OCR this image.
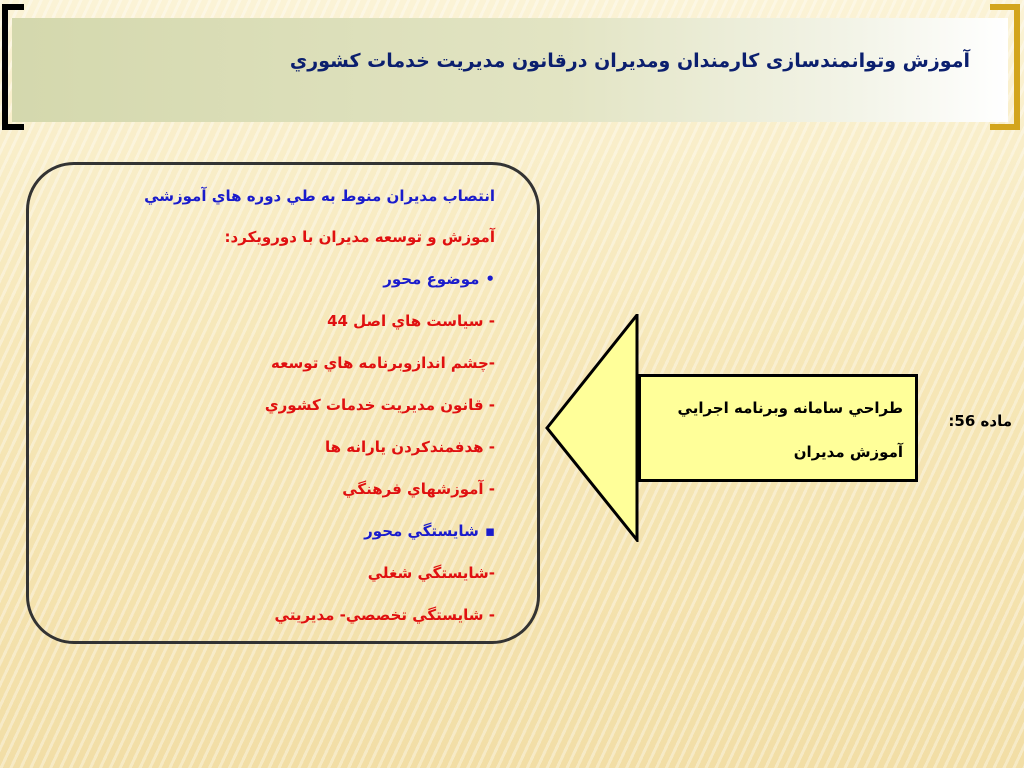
آموزش وتوانمندسازی کارمندان ومدیران درقانون مدیریت خدمات کشوري
انتصاب مديران منوط به طي دوره هاي آموزشي
آموزش و توسعه مديران با دورويكرد:
•موضوع محور
- سياست هاي اصل 44
-چشم اندازوبرنامه هاي توسعه
- قانون مديريت خدمات كشوري
- هدفمندكردن يارانه ها
- آموزشهاي فرهنگي
▪شايستگي محور
-شايستگي شغلي
- شايستگي تخصصي- مديريتي
طراحي سامانه وبرنامه اجرايي
آموزش مديران
ماده 56:
